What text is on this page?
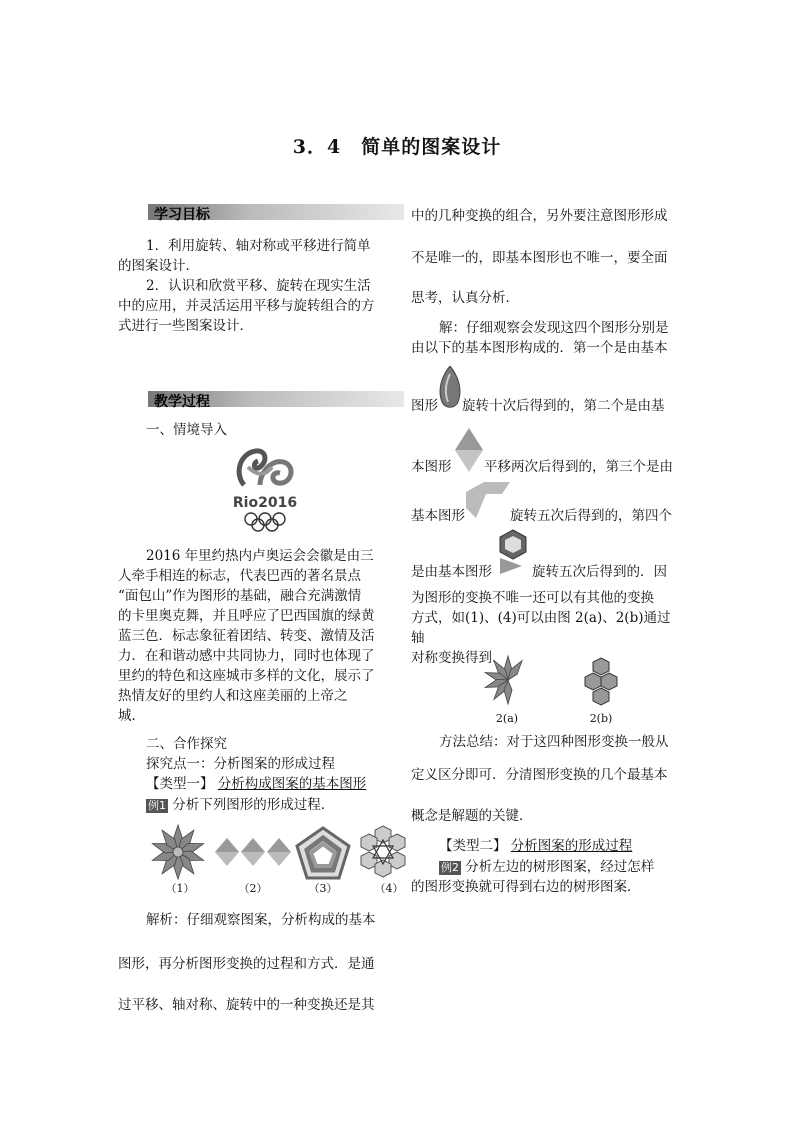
3．4　简单的图案设计
学习目标
1．利用旋转、轴对称或平移进行简单
的图案设计．
2．认识和欣赏平移、旋转在现实生活
中的应用，并灵活运用平移与旋转组合的方
式进行一些图案设计．
教学过程
一、情境导入
Rio2016
2016 年里约热内卢奥运会会徽是由三
人牵手相连的标志，代表巴西的著名景点
“面包山”作为图形的基础，融合充满激情
的卡里奥克舞，并且呼应了巴西国旗的绿黄
蓝三色．标志象征着团结、转变、激情及活
力．在和谐动感中共同协力，同时也体现了
里约的特色和这座城市多样的文化，展示了
热情友好的里约人和这座美丽的上帝之
城．
二、合作探究
探究点一：分析图案的形成过程
【类型一】 分析构成图案的基本图形
例1 分析下列图形的形成过程．
（1）	（2）	（3）	（4）
解析：仔细观察图案，分析构成的基本
图形，再分析图形变换的过程和方式．是通
过平移、轴对称、旋转中的一种变换还是其
中的几种变换的组合，另外要注意图形形成
不是唯一的，即基本图形也不唯一，要全面
思考，认真分析．
解：仔细观察会发现这四个图形分别是
由以下的基本图形构成的．第一个是由基本
图形 旋转十次后得到的，第二个是由基
本图形 平移两次后得到的，第三个是由
基本图形	旋转五次后得到的，第四个
是由基本图形	旋转五次后得到的．因
为图形的变换不唯一还可以有其他的变换
方式，如(1)、(4)可以由图 2(a)、2(b)通过轴
对称变换得到．
2(a)	2(b)
方法总结：对于这四种图形变换一般从
定义区分即可．分清图形变换的几个最基本
概念是解题的关键．
【类型二】 分析图案的形成过程
例2 分析左边的树形图案，经过怎样
的图形变换就可得到右边的树形图案．
